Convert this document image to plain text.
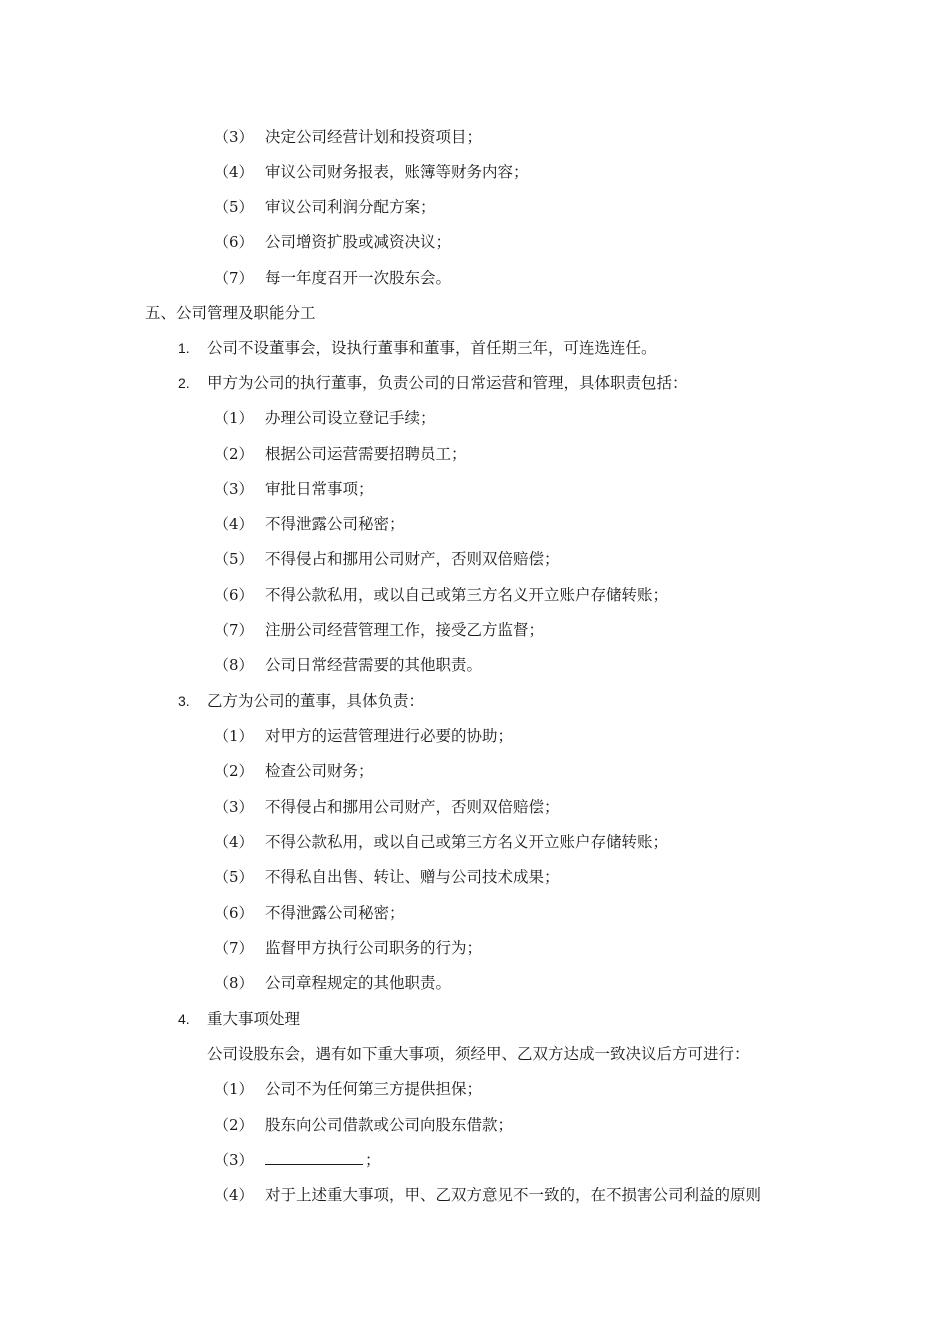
（3） 决定公司经营计划和投资项目；
（4） 审议公司财务报表，账簿等财务内容；
（5） 审议公司利润分配方案；
（6） 公司增资扩股或减资决议；
（7） 每一年度召开一次股东会。
五、公司管理及职能分工
1. 公司不设董事会，设执行董事和董事，首任期三年，可连选连任。
2. 甲方为公司的执行董事，负责公司的日常运营和管理，具体职责包括：
（1） 办理公司设立登记手续；
（2） 根据公司运营需要招聘员工；
（3） 审批日常事项；
（4） 不得泄露公司秘密；
（5） 不得侵占和挪用公司财产，否则双倍赔偿；
（6） 不得公款私用，或以自己或第三方名义开立账户存储转账；
（7） 注册公司经营管理工作，接受乙方监督；
（8） 公司日常经营需要的其他职责。
3. 乙方为公司的董事，具体负责：
（1） 对甲方的运营管理进行必要的协助；
（2） 检查公司财务；
（3） 不得侵占和挪用公司财产，否则双倍赔偿；
（4） 不得公款私用，或以自己或第三方名义开立账户存储转账；
（5） 不得私自出售、转让、赠与公司技术成果；
（6） 不得泄露公司秘密；
（7） 监督甲方执行公司职务的行为；
（8） 公司章程规定的其他职责。
4. 重大事项处理
公司设股东会，遇有如下重大事项，须经甲、乙双方达成一致决议后方可进行：
（1） 公司不为任何第三方提供担保；
（2） 股东向公司借款或公司向股东借款；
（3）	；
（4） 对于上述重大事项，甲、乙双方意见不一致的，在不损害公司利益的原则
